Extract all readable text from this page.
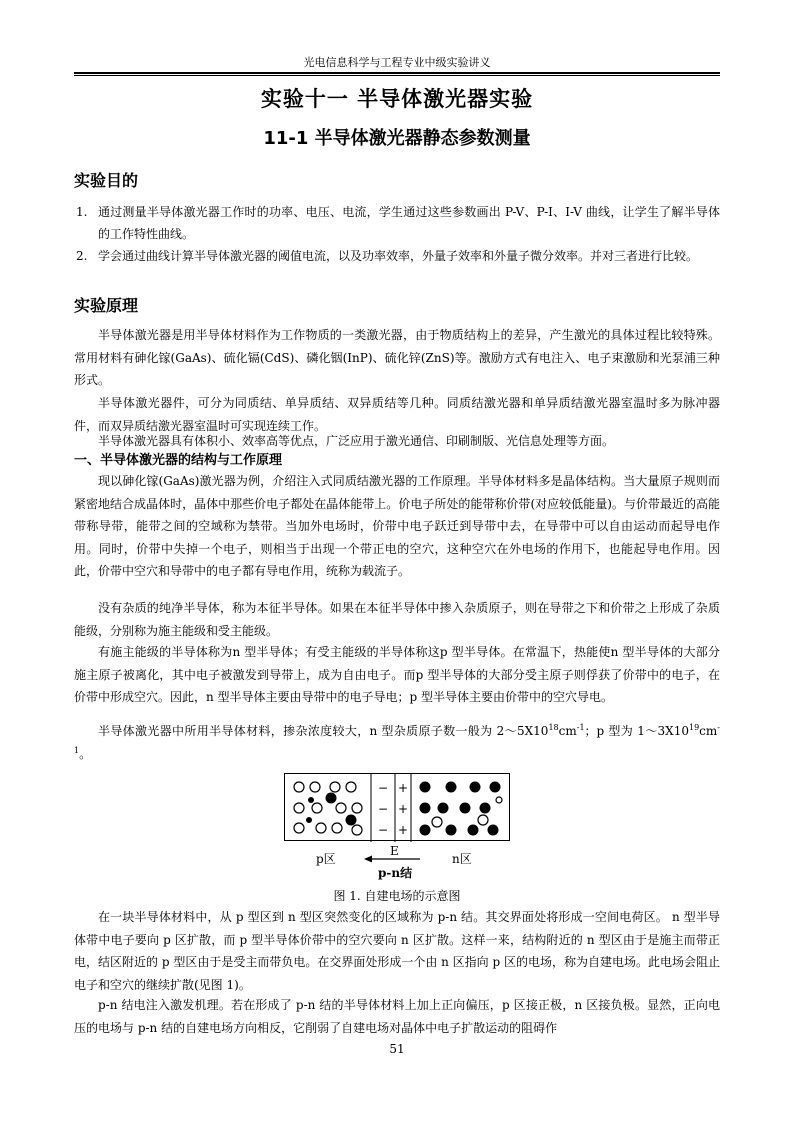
光电信息科学与工程专业中级实验讲义
实验十一 半导体激光器实验
11-1 半导体激光器静态参数测量
实验目的
1. 通过测量半导体激光器工作时的功率、电压、电流，学生通过这些参数画出 P-V、P-I、I-V 曲线，让学生了解半导体的工作特性曲线。
2. 学会通过曲线计算半导体激光器的阈值电流，以及功率效率，外量子效率和外量子微分效率。并对三者进行比较。
实验原理
半导体激光器是用半导体材料作为工作物质的一类激光器，由于物质结构上的差异，产生激光的具体过程比较特殊。常用材料有砷化镓(GaAs)、硫化镉(CdS)、磷化铟(InP)、硫化锌(ZnS)等。激励方式有电注入、电子束激励和光泵浦三种形式。
半导体激光器件，可分为同质结、单异质结、双异质结等几种。同质结激光器和单异质结激光器室温时多为脉冲器件，而双异质结激光器室温时可实现连续工作。
半导体激光器具有体积小、效率高等优点，广泛应用于激光通信、印刷制版、光信息处理等方面。
一、半导体激光器的结构与工作原理
现以砷化镓(GaAs)激光器为例，介绍注入式同质结激光器的工作原理。半导体材料多是晶体结构。当大量原子规则而紧密地结合成晶体时，晶体中那些价电子都处在晶体能带上。价电子所处的能带称价带(对应较低能量)。与价带最近的高能带称导带，能带之间的空域称为禁带。当加外电场时，价带中电子跃迁到导带中去，在导带中可以自由运动而起导电作用。同时，价带中失掉一个电子，则相当于出现一个带正电的空穴，这种空穴在外电场的作用下，也能起导电作用。因此，价带中空穴和导带中的电子都有导电作用，统称为载流子。
没有杂质的纯净半导体，称为本征半导体。如果在本征半导体中掺入杂质原子，则在导带之下和价带之上形成了杂质能级，分别称为施主能级和受主能级。
有施主能级的半导体称为n 型半导体；有受主能级的半导体称这p 型半导体。在常温下，热能使n 型半导体的大部分施主原子被离化，其中电子被激发到导带上，成为自由电子。而p 型半导体的大部分受主原子则俘获了价带中的电子，在价带中形成空穴。因此，n 型半导体主要由导带中的电子导电；p 型半导体主要由价带中的空穴导电。
半导体激光器中所用半导体材料，掺杂浓度较大，n 型杂质原子数一般为 $2\sim 5X10^{18}cm^{-1}$；p 型为 $1\sim 3X10^{19}cm^{-1}$。
−
−
−
+
+
+
p区
E
n区
p-n结
图 1. 自建电场的示意图
在一块半导体材料中，从 p 型区到 n 型区突然变化的区域称为 p-n 结。其交界面处将形成一空间电荷区。 n 型半导体带中电子要向 p 区扩散，而 p 型半导体价带中的空穴要向 n 区扩散。这样一来，结构附近的 n 型区由于是施主而带正电，结区附近的 p 型区由于是受主而带负电。在交界面处形成一个由 n 区指向 p 区的电场，称为自建电场。此电场会阻止电子和空穴的继续扩散(见图 1)。
p-n 结电注入激发机理。若在形成了 p-n 结的半导体材料上加上正向偏压，p 区接正极，n 区接负极。显然，正向电压的电场与 p-n 结的自建电场方向相反，它削弱了自建电场对晶体中电子扩散运动的阻碍作
51
